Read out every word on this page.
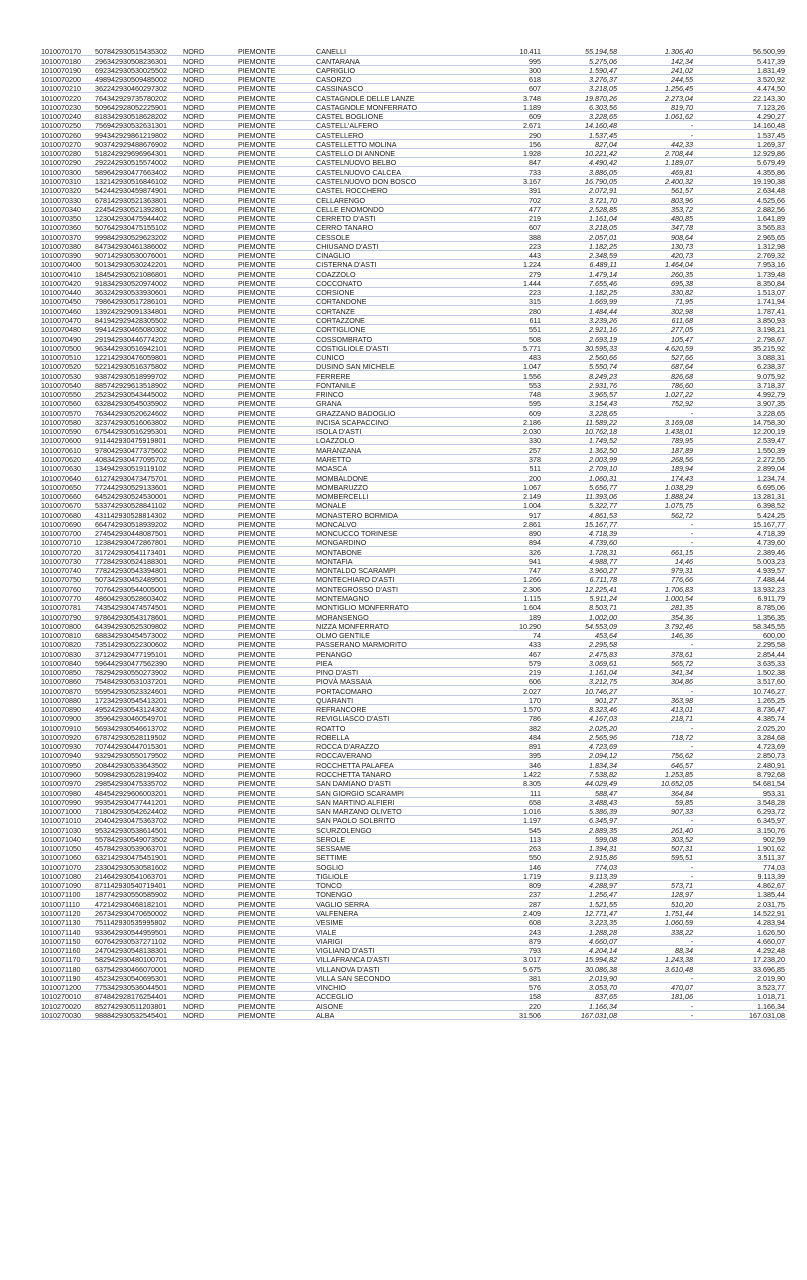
1010070170 507842930515435302 NORD	PIEMONTE	CANELLI	10.411	55.194,58	1.306,40	56.500,99
1010070180 296342930508236301 NORD	PIEMONTE	CANTARANA	995	5.275,06	142,34	5.417,39
1010070190 692342930530025502 NORD	PIEMONTE	CAPRIGLIO	300	1.590,47	241,02	1.831,49
1010070200 498942930509485002 NORD	PIEMONTE	CASORZO	618	3.276,37	244,55	3.520,92
1010070210 362242930460297302 NORD	PIEMONTE	CASSINASCO	607	3.218,05	1.256,45	4.474,50
1010070220 764342929735780202 NORD	PIEMONTE	CASTAGNOLE DELLE LANZE	3.748	19.870,26	2.273,04	22.143,30
1010070230 509642928052225901 NORD	PIEMONTE	CASTAGNOLE MONFERRATO	1.189	6.303,56	819,70	7.123,26
1010070240 818342930518628202 NORD	PIEMONTE	CASTEL BOGLIONE	609	3.228,65	1.061,62	4.290,27
1010070250 756942930532631301 NORD	PIEMONTE	CASTELL'ALFERO	2.671	14.160,48	-	14.160,48
1010070260 994342929861219802 NORD	PIEMONTE	CASTELLERO	290	1.537,45	-	1.537,45
1010070270 903742929488676902 NORD	PIEMONTE	CASTELLETTO MOLINA	156	827,04	442,33	1.269,37
1010070280 518242929696964301 NORD	PIEMONTE	CASTELLO DI ANNONE	1.928	10.221,42	2.708,44	12.929,86
1010070290 292242930515574002 NORD	PIEMONTE	CASTELNUOVO BELBO	847	4.490,42	1.189,07	5.679,49
1010070300 589642930477663402 NORD	PIEMONTE	CASTELNUOVO CALCEA	733	3.886,05	469,81	4.355,86
1010070310 132142930516846102 NORD	PIEMONTE	CASTELNUOVO DON BOSCO	3.167	16.790,05	2.400,32	19.190,38
1010070320 542442930459874901 NORD	PIEMONTE	CASTEL ROCCHERO	391	2.072,91	561,57	2.634,48
1010070330 678142930521363801 NORD	PIEMONTE	CELLARENGO	702	3.721,70	803,96	4.525,66
1010070340 224542930521392801 NORD	PIEMONTE	CELLE ENOMONDO	477	2.528,85	353,72	2.882,56
1010070350 123042930475944402 NORD	PIEMONTE	CERRETO D'ASTI	219	1.161,04	480,85	1.641,89
1010070360 507642930475155102 NORD	PIEMONTE	CERRO TANARO	607	3.218,05	347,78	3.565,83
1010070370 999842930529623202 NORD	PIEMONTE	CESSOLE	388	2.057,01	908,64	2.965,65
1010070380 847342930461386002 NORD	PIEMONTE	CHIUSANO D'ASTI	223	1.182,25	130,73	1.312,98
1010070390 907142930530076001 NORD	PIEMONTE	CINAGLIO	443	2.348,59	420,73	2.769,32
1010070400 501342930530242201 NORD	PIEMONTE	CISTERNA D'ASTI	1.224	6.489,11	1.464,04	7.953,16
1010070410 184542930521086801 NORD	PIEMONTE	COAZZOLO	279	1.479,14	260,35	1.739,48
1010070420 918342930520974002 NORD	PIEMONTE	COCCONATO	1.444	7.655,46	695,38	8.350,84
1010070440 363242930533930601 NORD	PIEMONTE	CORSIONE	223	1.182,25	330,82	1.513,07
1010070450 798642930517286101 NORD	PIEMONTE	CORTANDONE	315	1.669,99	71,95	1.741,94
1010070460 139242929091334801 NORD	PIEMONTE	CORTANZE	280	1.484,44	302,98	1.787,41
1010070470 841942929428305502 NORD	PIEMONTE	CORTAZZONE	611	3.239,26	611,68	3.850,93
1010070480 994142930465080302 NORD	PIEMONTE	CORTIGLIONE	551	2.921,16	277,05	3.198,21
1010070490 291942930446774202 NORD	PIEMONTE	COSSOMBRATO	508	2.693,19	105,47	2.798,67
1010070500 963442930516942101 NORD	PIEMONTE	COSTIGLIOLE D'ASTI	5.771	30.595,33	4.620,59	35.215,92
1010070510 122142930476059801 NORD	PIEMONTE	CUNICO	483	2.560,66	527,66	3.088,31
1010070520 522142930516375802 NORD	PIEMONTE	DUSINO SAN MICHELE	1.047	5.550,74	687,64	6.238,37
1010070530 938742930518999702 NORD	PIEMONTE	FERRERE	1.556	8.249,23	826,68	9.075,92
1010070540 885742929613518902 NORD	PIEMONTE	FONTANILE	553	2.931,76	786,60	3.718,37
1010070550 252342930543445002 NORD	PIEMONTE	FRINCO	748	3.965,57	1.027,22	4.992,79
1010070560 632842930545035902 NORD	PIEMONTE	GRANA	595	3.154,43	752,92	3.907,35
1010070570 763442930520624602 NORD	PIEMONTE	GRAZZANO BADOGLIO	609	3.228,65	-	3.228,65
1010070580 323742930516063802 NORD	PIEMONTE	INCISA SCAPACCINO	2.186	11.589,22	3.169,08	14.758,30
1010070590 675442930516295301 NORD	PIEMONTE	ISOLA D'ASTI	2.030	10.762,18	1.438,01	12.200,19
1010070600 911442930475919801 NORD	PIEMONTE	LOAZZOLO	330	1.749,52	789,95	2.539,47
1010070610 978042930477375602 NORD	PIEMONTE	MARANZANA	257	1.362,50	187,89	1.550,39
1010070620 408342930477095702 NORD	PIEMONTE	MARETTO	378	2.003,99	268,56	2.272,55
1010070630 134942930519119102 NORD	PIEMONTE	MOASCA	511	2.709,10	189,94	2.899,04
1010070640 612742930473475701 NORD	PIEMONTE	MOMBALDONE	200	1.060,31	174,43	1.234,74
1010070650 772442930529133601 NORD	PIEMONTE	MOMBARUZZO	1.067	5.656,77	1.038,29	6.695,06
1010070660 645242930524530001 NORD	PIEMONTE	MOMBERCELLI	2.149	11.393,06	1.888,24	13.281,31
1010070670 533742930528841102 NORD	PIEMONTE	MONALE	1.004	5.322,77	1.075,75	6.398,52
1010070680 431142930528814302 NORD	PIEMONTE	MONASTERO BORMIDA	917	4.861,53	562,72	5.424,25
1010070690 664742930518939202 NORD	PIEMONTE	MONCALVO	2.861	15.167,77	-	15.167,77
1010070700 274542930448087501 NORD	PIEMONTE	MONCUCCO TORINESE	890	4.718,39	-	4.718,39
1010070710 123842930472867801 NORD	PIEMONTE	MONGARDINO	894	4.739,60	-	4.739,60
1010070720 317242930541173401 NORD	PIEMONTE	MONTABONE	326	1.728,31	661,15	2.389,46
1010070730 772842930524188301 NORD	PIEMONTE	MONTAFIA	941	4.988,77	14,46	5.003,23
1010070740 778242930543394801 NORD	PIEMONTE	MONTALDO SCARAMPI	747	3.960,27	979,31	4.939,57
1010070750 507342930452489501 NORD	PIEMONTE	MONTECHIARO D'ASTI	1.266	6.711,78	776,66	7.488,44
1010070760 707642930544005001 NORD	PIEMONTE	MONTEGROSSO D'ASTI	2.306	12.225,41	1.706,83	13.932,23
1010070770 486042930528603402 NORD	PIEMONTE	MONTEMAGNO	1.115	5.911,24	1.000,54	6.911,79
1010070781 743542930474574501 NORD	PIEMONTE	MONTIGLIO MONFERRATO	1.604	8.503,71	281,35	8.785,06
1010070790 978642930543178601 NORD	PIEMONTE	MORANSENGO	189	1.002,00	354,36	1.356,35
1010070800 643942930525309802 NORD	PIEMONTE	NIZZA MONFERRATO	10.290	54.553,09	3.792,46	58.345,55
1010070810 688342930454573002 NORD	PIEMONTE	OLMO GENTILE	74	453,64	146,36	600,00
1010070820 735142930522300602 NORD	PIEMONTE	PASSERANO MARMORITO	433	2.295,58	-	2.295,58
1010070830 371242930477195101 NORD	PIEMONTE	PENANGO	467	2.475,83	378,61	2.854,44
1010070840 596442930477562390 NORD	PIEMONTE	PIEA	579	3.069,61	565,72	3.635,33
1010070850 782942930550273902 NORD	PIEMONTE	PINO D'ASTI	219	1.161,04	341,34	1.502,38
1010070860 754842930531037201 NORD	PIEMONTE	PIOVÀ MASSAIA	606	3.212,75	304,86	3.517,60
1010070870 559542930523324601 NORD	PIEMONTE	PORTACOMARO	2.027	10.746,27	-	10.746,27
1010070880 172342930545413201 NORD	PIEMONTE	QUARANTI	170	901,27	363,98	1.265,25
1010070890 495242930543124302 NORD	PIEMONTE	REFRANCORE	1.570	8.323,46	413,01	8.736,47
1010070900 359642930460549701 NORD	PIEMONTE	REVIGLIASCO D'ASTI	786	4.167,03	218,71	4.385,74
1010070910 569342930546613702 NORD	PIEMONTE	ROATTO	382	2.025,20	-	2.025,20
1010070920 678742930528119502 NORD	PIEMONTE	ROBELLA	484	2.565,96	718,72	3.284,68
1010070930 707442930447015301 NORD	PIEMONTE	ROCCA D'ARAZZO	891	4.723,69	-	4.723,69
1010070940 932942930550179502 NORD	PIEMONTE	ROCCAVERANO	395	2.094,12	756,62	2.850,73
1010070950 208442930533643502 NORD	PIEMONTE	ROCCHETTA PALAFEA	346	1.834,34	646,57	2.480,91
1010070960 509842930528199402 NORD	PIEMONTE	ROCCHETTA TANARO	1.422	7.538,82	1.253,85	8.792,68
1010070970 298542930475335702 NORD	PIEMONTE	SAN DAMIANO D'ASTI	8.305	44.029,49	10.652,05	54.681,54
1010070980 484542929606003201 NORD	PIEMONTE	SAN GIORGIO SCARAMPI	111	588,47	364,84	953,31
1010070990 993542930477441201 NORD	PIEMONTE	SAN MARTINO ALFIERI	658	3.488,43	59,85	3.548,28
1010071000 718042930542624402 NORD	PIEMONTE	SAN MARZANO OLIVETO	1.016	5.386,39	907,33	6.293,72
1010071010 204042930475363702 NORD	PIEMONTE	SAN PAOLO SOLBRITO	1.197	6.345,97	-	6.345,97
1010071030 953242930538614501 NORD	PIEMONTE	SCURZOLENGO	545	2.889,35	261,40	3.150,76
1010071040 557842930549073502 NORD	PIEMONTE	SEROLE	113	599,08	303,52	902,59
1010071050 457842930539063701 NORD	PIEMONTE	SESSAME	263	1.394,31	507,31	1.901,62
1010071060 632142930475451901 NORD	PIEMONTE	SETTIME	550	2.915,86	595,51	3.511,37
1010071070 233042930530581602 NORD	PIEMONTE	SOGLIO	146	774,03	-	774,03
1010071080 214642930541063701 NORD	PIEMONTE	TIGLIOLE	1.719	9.113,39	-	9.113,39
1010071090 871142930540719401 NORD	PIEMONTE	TONCO	809	4.288,97	573,71	4.862,67
1010071100 187742930550585902 NORD	PIEMONTE	TONENGO	237	1.256,47	128,97	1.385,44
1010071110 472142930468182101 NORD	PIEMONTE	VAGLIO SERRA	287	1.521,55	510,20	2.031,75
1010071120 267342930470650002 NORD	PIEMONTE	VALFENERA	2.409	12.771,47	1.751,44	14.522,91
1010071130 751142930535995802 NORD	PIEMONTE	VESIME	608	3.223,35	1.060,59	4.283,94
1010071140 933642930544959501 NORD	PIEMONTE	VIALE	243	1.288,28	338,22	1.626,50
1010071150 607642930537271102 NORD	PIEMONTE	VIARIGI	879	4.660,07	-	4.660,07
1010071160 247042930548138301 NORD	PIEMONTE	VIGLIANO D'ASTI	793	4.204,14	88,34	4.292,48
1010071170 582942930480100701 NORD	PIEMONTE	VILLAFRANCA D'ASTI	3.017	15.994,82	1.243,38	17.238,20
1010071180 637542930466070001 NORD	PIEMONTE	VILLANOVA D'ASTI	5.675	30.086,38	3.610,48	33.696,85
1010071190 452342930540695301 NORD	PIEMONTE	VILLA SAN SECONDO	381	2.019,90	-	2.019,90
1010071200 775342930536044501 NORD	PIEMONTE	VINCHIO	576	3.053,70	470,07	3.523,77
1010270010 874842928176254401 NORD	PIEMONTE	ACCEGLIO	158	837,65	181,06	1.018,71
1010270020 852742930511203801 NORD	PIEMONTE	AISONE	220	1.166,34	-	1.166,34
1010270030 988842930532545401 NORD	PIEMONTE	ALBA	31.506	167.031,08	-	167.031,08
